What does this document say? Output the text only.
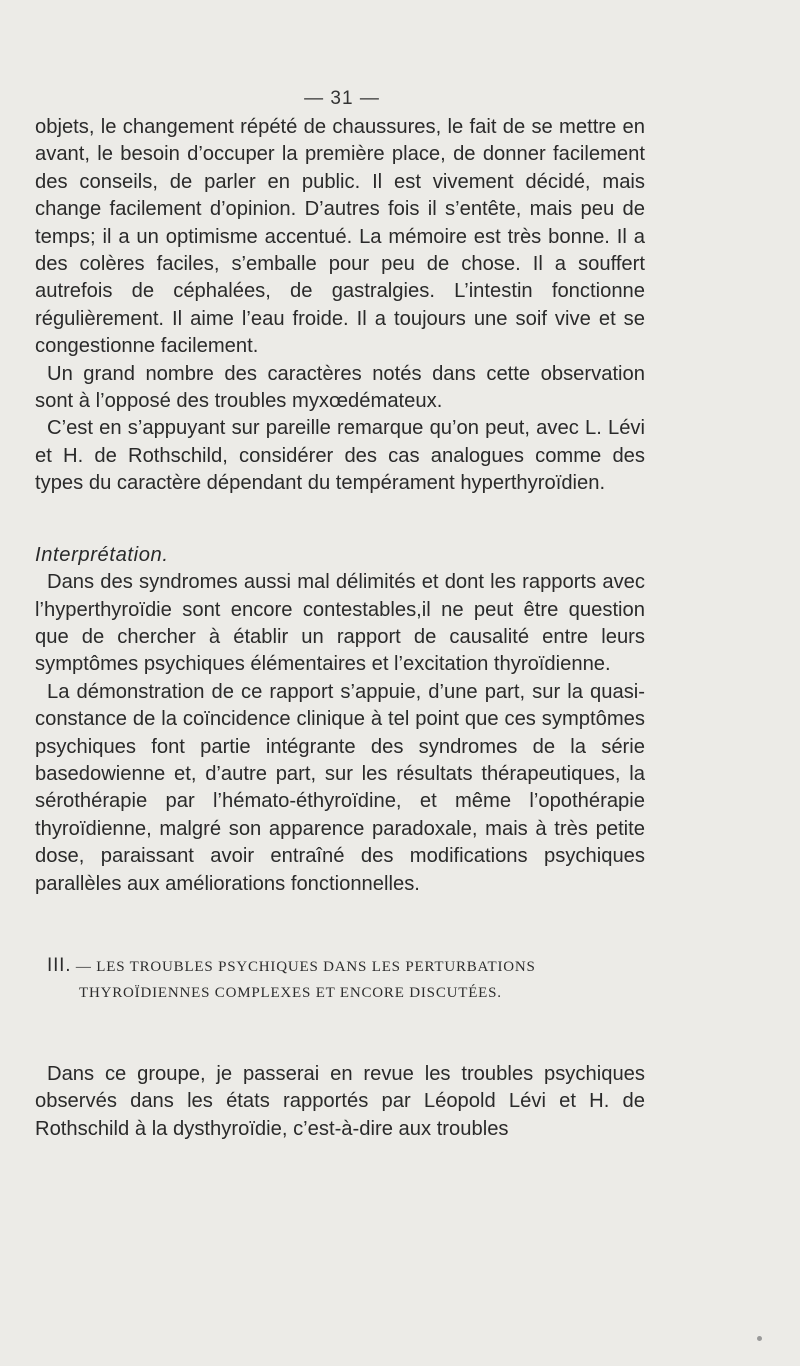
— 31 —

objets, le changement répété de chaussures, le fait de se mettre en avant, le besoin d’occuper la première place, de donner facilement des conseils, de parler en public. Il est vivement décidé, mais change facilement d’opinion. D’autres fois il s’entête, mais peu de temps; il a un optimisme accentué. La mémoire est très bonne. Il a des colères faciles, s’emballe pour peu de chose. Il a souffert autrefois de céphalées, de gastralgies. L’intestin fonctionne régulièrement. Il aime l’eau froide. Il a toujours une soif vive et se congestionne facilement.

Un grand nombre des caractères notés dans cette observation sont à l’opposé des troubles myxœdémateux.

C’est en s’appuyant sur pareille remarque qu’on peut, avec L. Lévi et H. de Rothschild, considérer des cas analogues comme des types du caractère dépendant du tempérament hyperthyroïdien.

Interprétation.

Dans des syndromes aussi mal délimités et dont les rapports avec l’hyperthyroïdie sont encore contestables,il ne peut être question que de chercher à établir un rapport de causalité entre leurs symptômes psychiques élémentaires et l’excitation thyroïdienne.

La démonstration de ce rapport s’appuie, d’une part, sur la quasi-constance de la coïncidence clinique à tel point que ces symptômes psychiques font partie intégrante des syndromes de la série basedowienne et, d’autre part, sur les résultats thérapeutiques, la sérothérapie par l’hémato-éthyroïdine, et même l’opothérapie thyroïdienne, malgré son apparence paradoxale, mais à très petite dose, paraissant avoir entraîné des modifications psychiques parallèles aux améliorations fonctionnelles.

III. — LES TROUBLES PSYCHIQUES DANS LES PERTURBATIONS
THYROÏDIENNES COMPLEXES ET ENCORE DISCUTÉES.

Dans ce groupe, je passerai en revue les troubles psychiques observés dans les états rapportés par Léopold Lévi et H. de Rothschild à la dysthyroïdie, c’est-à-dire aux troubles
